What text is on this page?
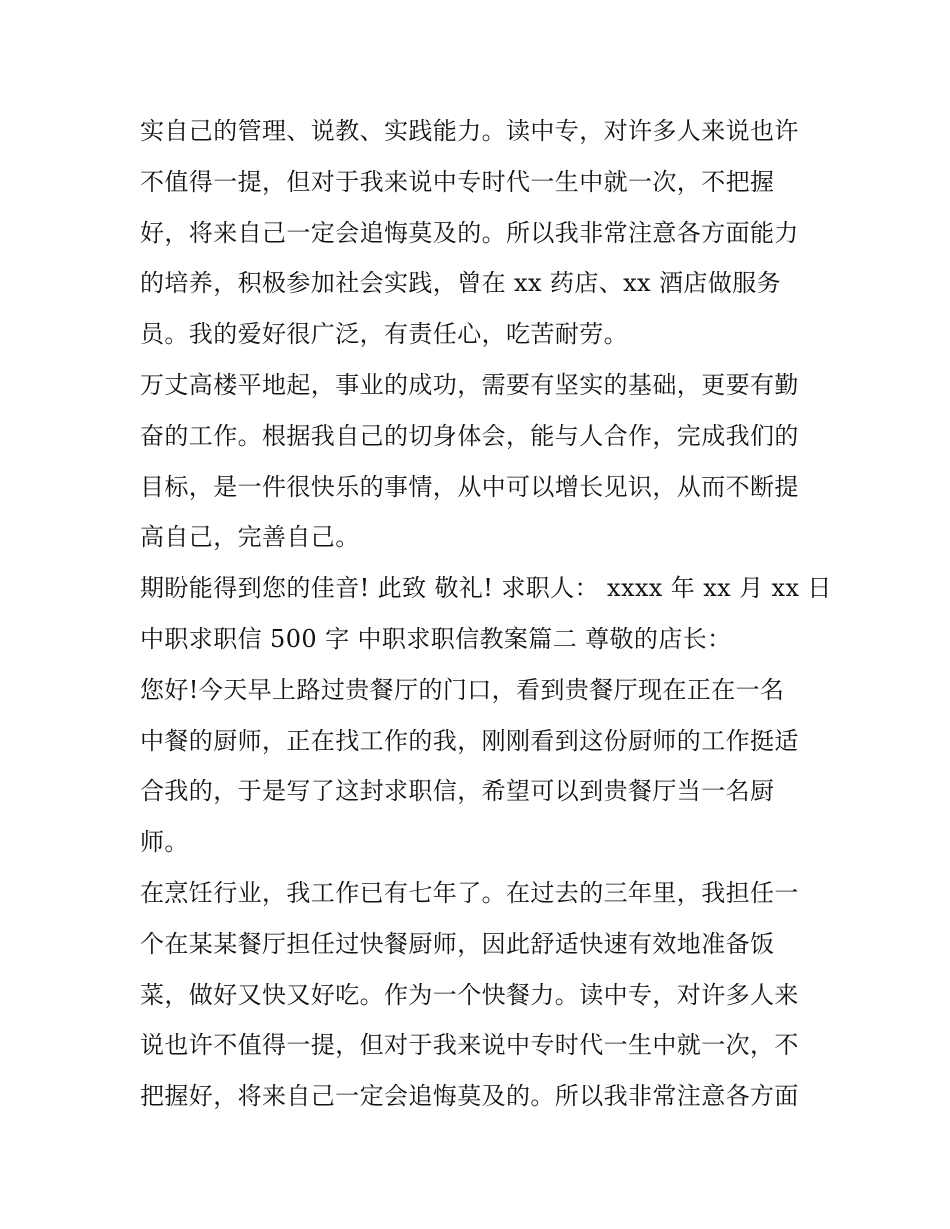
实自己的管理、说教、实践能力。读中专，对许多人来说也许
不值得一提，但对于我来说中专时代一生中就一次，不把握
好，将来自己一定会追悔莫及的。所以我非常注意各方面能力
的培养，积极参加社会实践，曾在 xx 药店、xx 酒店做服务
员。我的爱好很广泛，有责任心，吃苦耐劳。
万丈高楼平地起，事业的成功，需要有坚实的基础，更要有勤
奋的工作。根据我自己的切身体会，能与人合作，完成我们的
目标，是一件很快乐的事情，从中可以增长见识，从而不断提
高自己，完善自己。
期盼能得到您的佳音! 此致 敬礼! 求职人： xxxx 年 xx 月 xx 日
中职求职信 500 字 中职求职信教案篇二 尊敬的店长：
您好!今天早上路过贵餐厅的门口，看到贵餐厅现在正在一名
中餐的厨师，正在找工作的我，刚刚看到这份厨师的工作挺适
合我的，于是写了这封求职信，希望可以到贵餐厅当一名厨
师。
在烹饪行业，我工作已有七年了。在过去的三年里，我担任一
个在某某餐厅担任过快餐厨师，因此舒适快速有效地准备饭
菜，做好又快又好吃。作为一个快餐力。读中专，对许多人来
说也许不值得一提，但对于我来说中专时代一生中就一次，不
把握好，将来自己一定会追悔莫及的。所以我非常注意各方面
